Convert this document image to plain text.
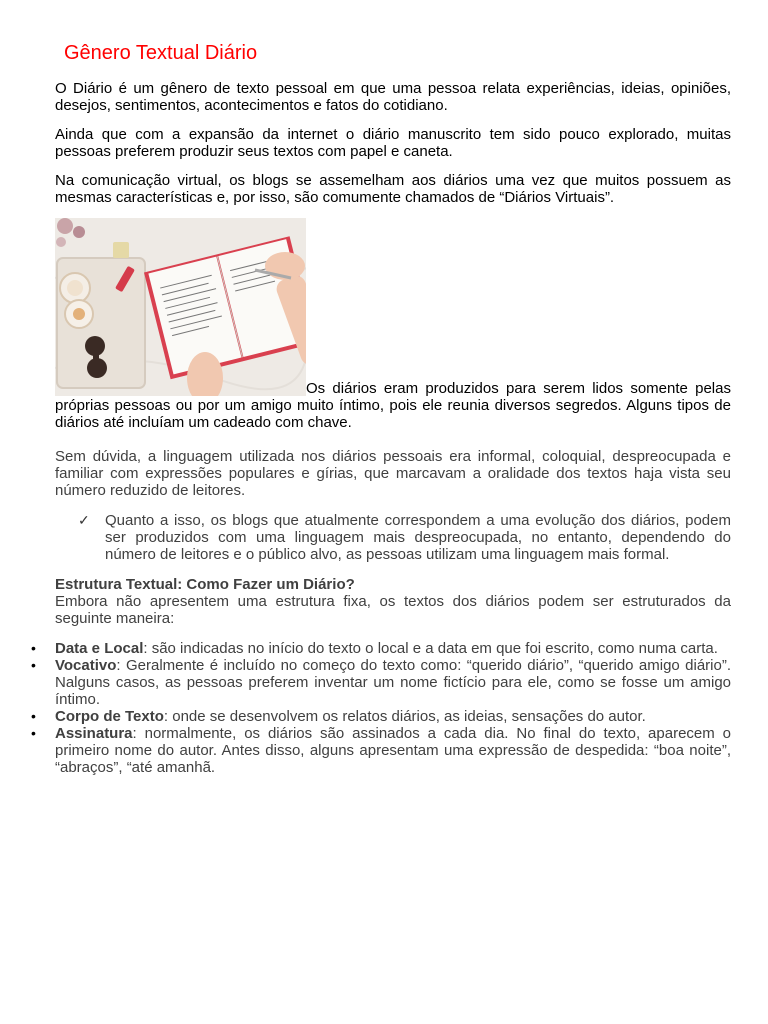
Gênero Textual Diário

O Diário é um gênero de texto pessoal em que uma pessoa relata experiências, ideias, opiniões, desejos, sentimentos, acontecimentos e fatos do cotidiano.

Ainda que com a expansão da internet o diário manuscrito tem sido pouco explorado, muitas pessoas preferem produzir seus textos com papel e caneta.

Na comunicação virtual, os blogs se assemelham aos diários uma vez que muitos possuem as mesmas características e, por isso, são comumente chamados de “Diários Virtuais”.

Os diários eram produzidos para serem lidos somente pelas próprias pessoas ou por um amigo muito íntimo, pois ele reunia diversos segredos. Alguns tipos de diários até incluíam um cadeado com chave.

Sem dúvida, a linguagem utilizada nos diários pessoais era informal, coloquial, despreocupada e familiar com expressões populares e gírias, que marcavam a oralidade dos textos haja vista seu número reduzido de leitores.

✓ Quanto a isso, os blogs que atualmente correspondem a uma evolução dos diários, podem ser produzidos com uma linguagem mais despreocupada, no entanto, dependendo do número de leitores e o público alvo, as pessoas utilizam uma linguagem mais formal.

Estrutura Textual: Como Fazer um Diário?

Embora não apresentem uma estrutura fixa, os textos dos diários podem ser estruturados da seguinte maneira:

• Data e Local: são indicadas no início do texto o local e a data em que foi escrito, como numa carta.
• Vocativo: Geralmente é incluído no começo do texto como: “querido diário”, “querido amigo diário”. Nalguns casos, as pessoas preferem inventar um nome fictício para ele, como se fosse um amigo íntimo.
• Corpo de Texto: onde se desenvolvem os relatos diários, as ideias, sensações do autor.
• Assinatura: normalmente, os diários são assinados a cada dia. No final do texto, aparecem o primeiro nome do autor. Antes disso, alguns apresentam uma expressão de despedida: “boa noite”, “abraços”, “até amanhã.
